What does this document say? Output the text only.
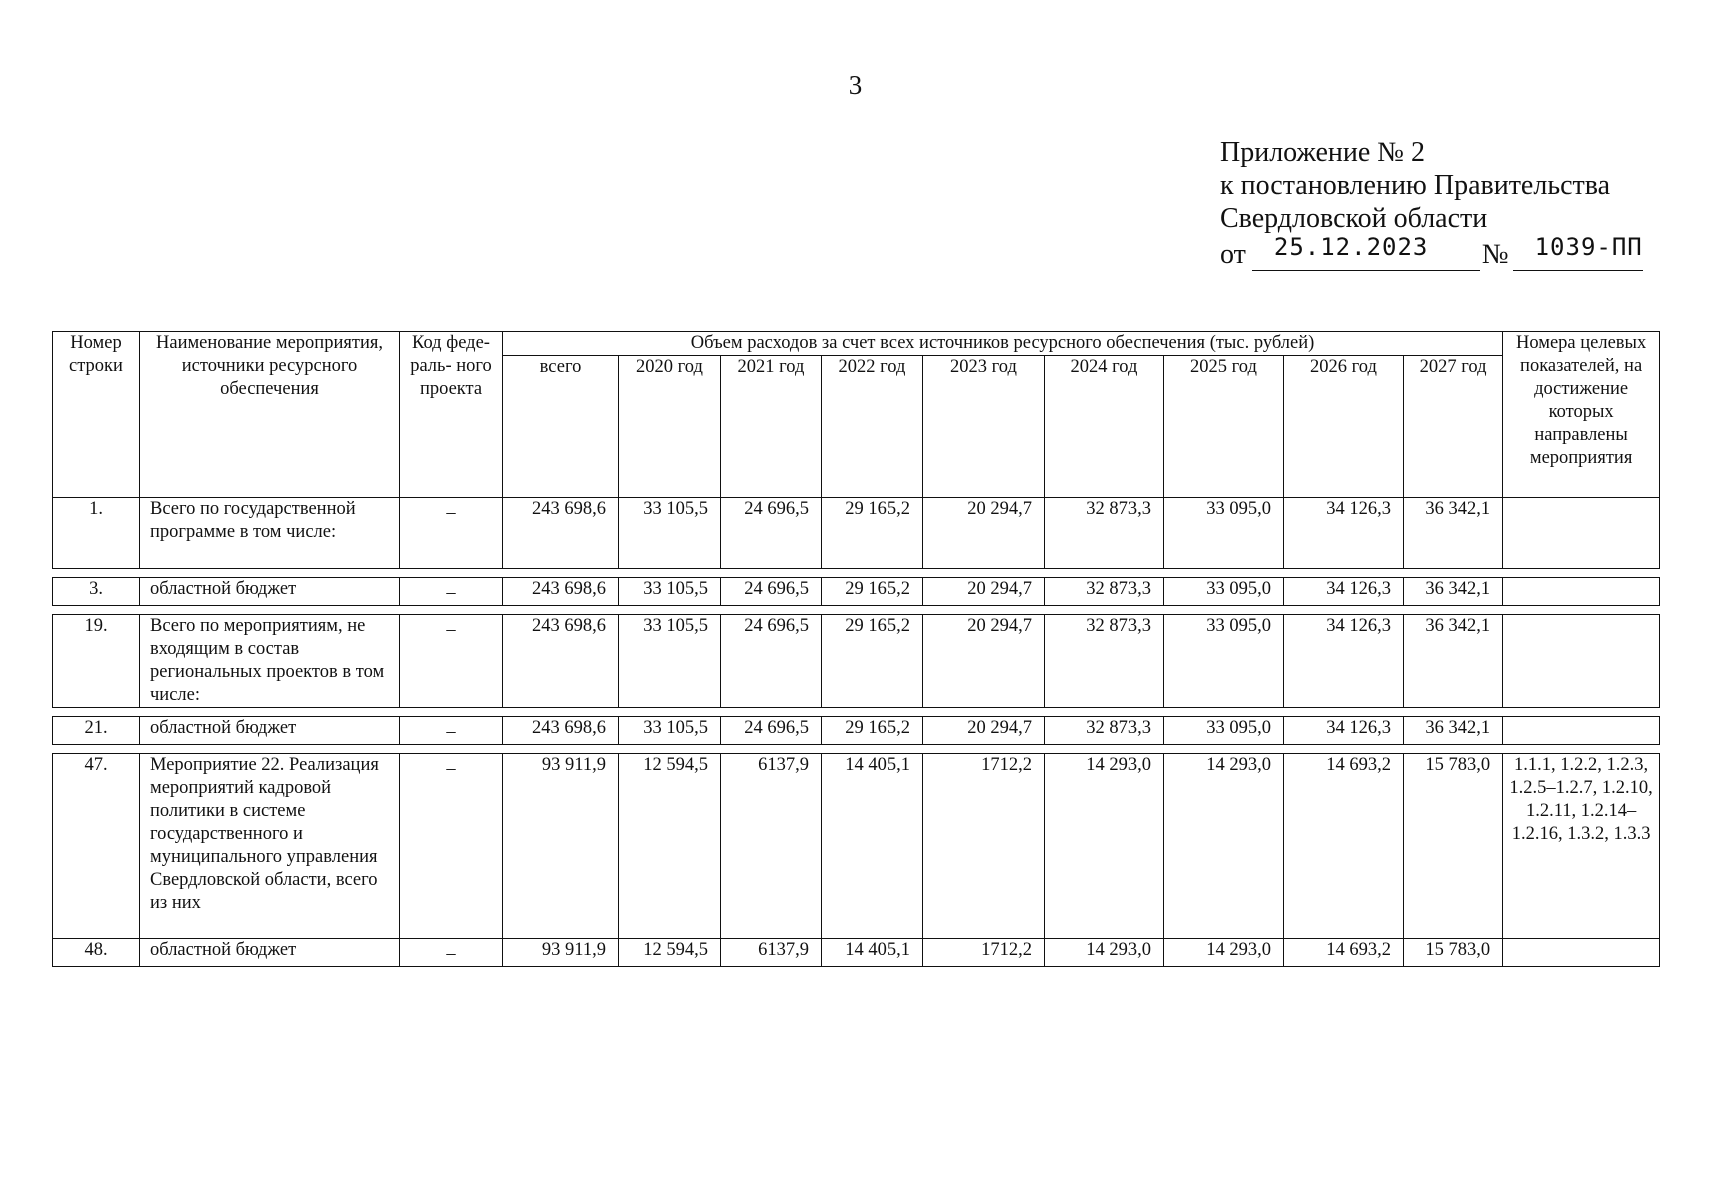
3
Приложение № 2
к постановлению Правительства
Свердловской области
от 25.12.2023 № 1039-ПП
Номер строки	Наименование мероприятия, источники ресурсного обеспечения	Код феде- раль- ного проекта	Объем расходов за счет всех источников ресурсного обеспечения (тыс. рублей)									Номера целевых показателей, на достижение которых направлены мероприятия
			всего	2020 год	2021 год	2022 год	2023 год	2024 год	2025 год	2026 год	2027 год	
1.	Всего по государственной программе в том числе:	–	243 698,6	33 105,5	24 696,5	29 165,2	20 294,7	32 873,3	33 095,0	34 126,3	36 342,1	

3.	областной бюджет	–	243 698,6	33 105,5	24 696,5	29 165,2	20 294,7	32 873,3	33 095,0	34 126,3	36 342,1	

19.	Всего по мероприятиям, не входящим в состав региональных проектов в том числе:	–	243 698,6	33 105,5	24 696,5	29 165,2	20 294,7	32 873,3	33 095,0	34 126,3	36 342,1	

21.	областной бюджет	–	243 698,6	33 105,5	24 696,5	29 165,2	20 294,7	32 873,3	33 095,0	34 126,3	36 342,1	

47.	Мероприятие 22. Реализация мероприятий кадровой политики в системе государственного и муниципального управления Свердловской области, всего из них	–	93 911,9	12 594,5	6137,9	14 405,1	1712,2	14 293,0	14 293,0	14 693,2	15 783,0	1.1.1, 1.2.2, 1.2.3, 1.2.5–1.2.7, 1.2.10, 1.2.11, 1.2.14–1.2.16, 1.3.2, 1.3.3
48.	областной бюджет	–	93 911,9	12 594,5	6137,9	14 405,1	1712,2	14 293,0	14 293,0	14 693,2	15 783,0	
